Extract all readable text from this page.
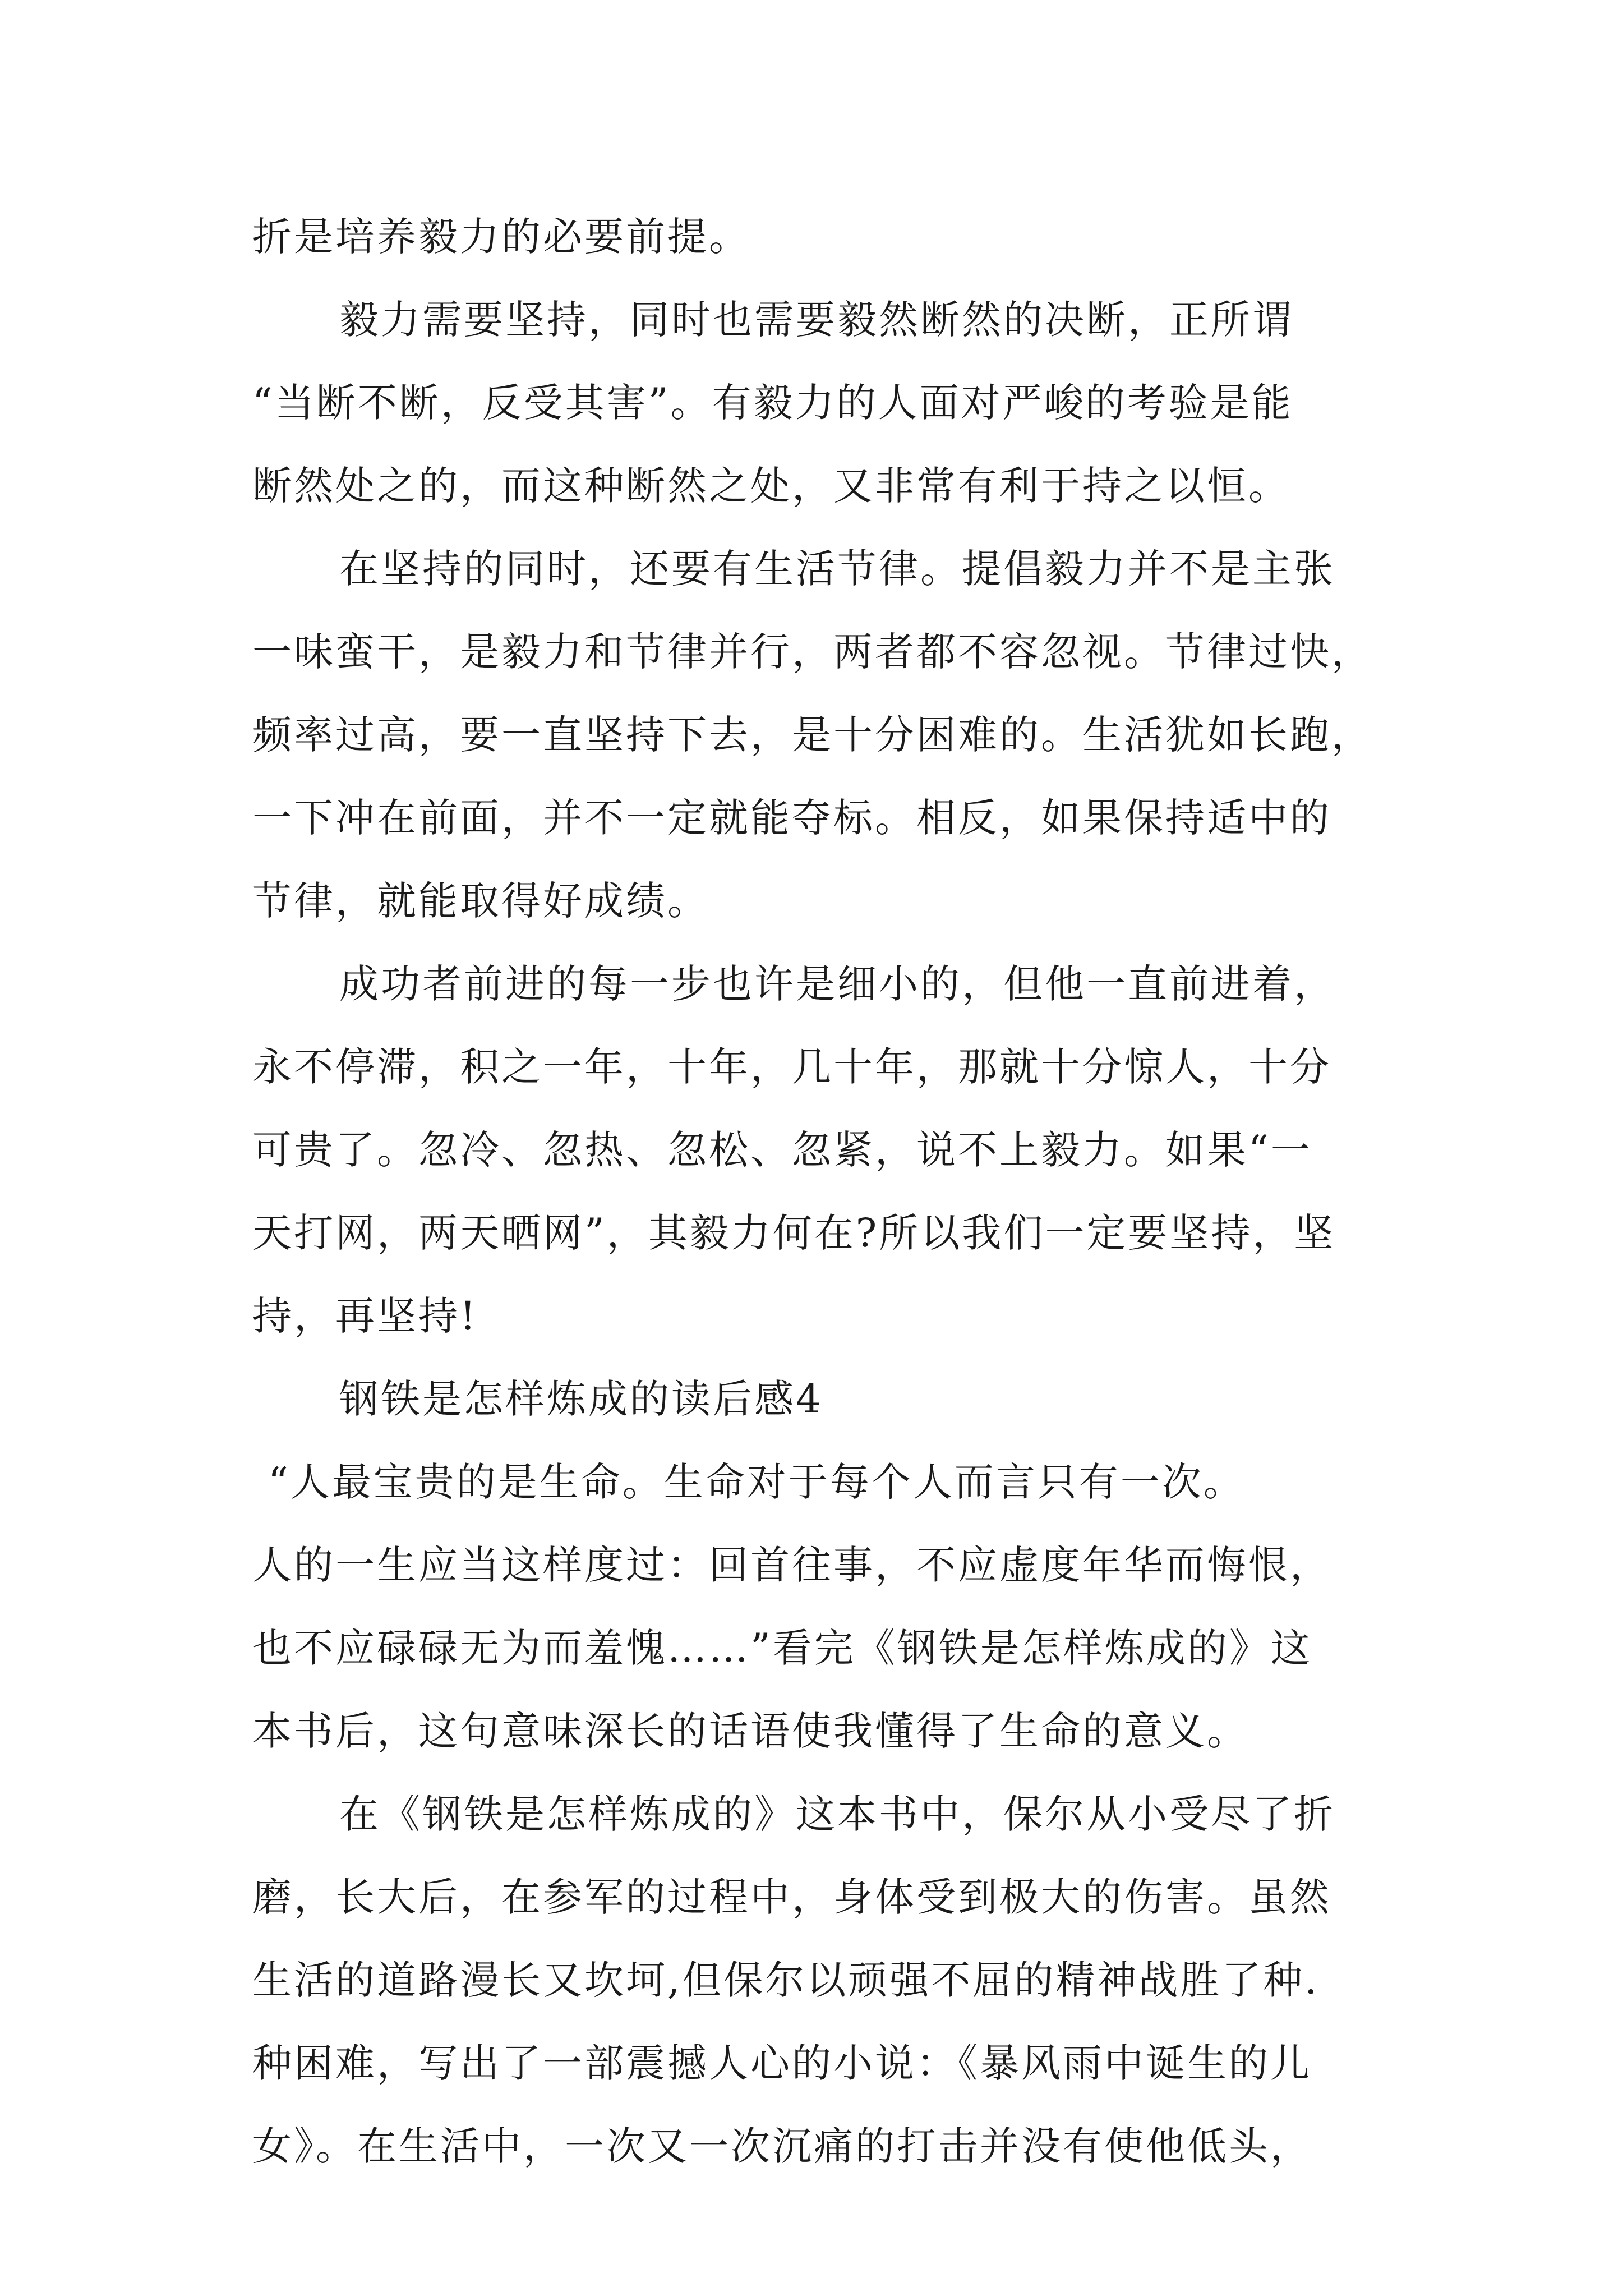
折是培养毅力的必要前提。
毅力需要坚持，同时也需要毅然断然的决断，正所谓
“当断不断，反受其害”。有毅力的人面对严峻的考验是能
断然处之的，而这种断然之处，又非常有利于持之以恒。
在坚持的同时，还要有生活节律。提倡毅力并不是主张
一味蛮干，是毅力和节律并行，两者都不容忽视。节律过快，
频率过高，要一直坚持下去，是十分困难的。生活犹如长跑，
一下冲在前面，并不一定就能夺标。相反，如果保持适中的
节律，就能取得好成绩。
成功者前进的每一步也许是细小的，但他一直前进着，
永不停滞，积之一年，十年，几十年，那就十分惊人，十分
可贵了。忽冷、忽热、忽松、忽紧，说不上毅力。如果“一
天打网，两天晒网”，其毅力何在?所以我们一定要坚持，坚
持，再坚持!
钢铁是怎样炼成的读后感4
“人最宝贵的是生命。生命对于每个人而言只有一次。
人的一生应当这样度过：回首往事，不应虚度年华而悔恨，
也不应碌碌无为而羞愧……”看完《钢铁是怎样炼成的》这
本书后，这句意味深长的话语使我懂得了生命的意义。
在《钢铁是怎样炼成的》这本书中，保尔从小受尽了折
磨，长大后，在参军的过程中，身体受到极大的伤害。虽然
生活的道路漫长又坎坷,但保尔以顽强不屈的精神战胜了种.
种困难，写出了一部震撼人心的小说：《暴风雨中诞生的儿
女》。在生活中，一次又一次沉痛的打击并没有使他低头，
